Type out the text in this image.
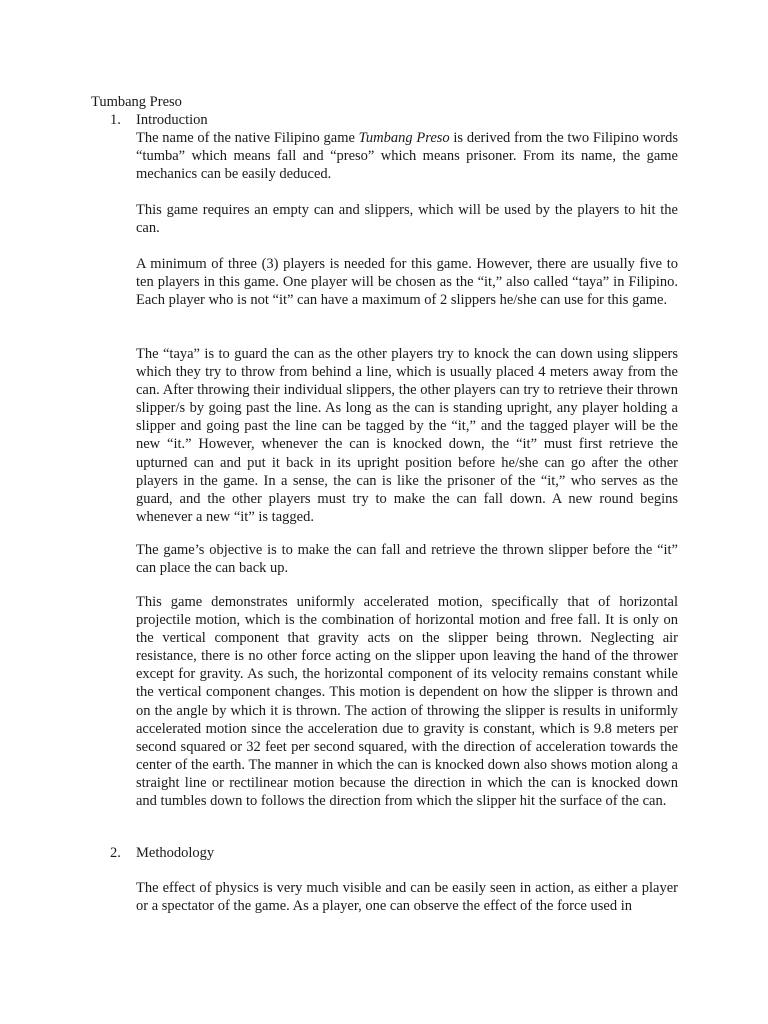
Tumbang Preso
1. Introduction

The name of the native Filipino game Tumbang Preso is derived from the two Filipino words “tumba” which means fall and “preso” which means prisoner. From its name, the game mechanics can be easily deduced.

This game requires an empty can and slippers, which will be used by the players to hit the can.

A minimum of three (3) players is needed for this game. However, there are usually five to ten players in this game. One player will be chosen as the “it,” also called “taya” in Filipino. Each player who is not “it” can have a maximum of 2 slippers he/she can use for this game.

The “taya” is to guard the can as the other players try to knock the can down using slippers which they try to throw from behind a line, which is usually placed 4 meters away from the can. After throwing their individual slippers, the other players can try to retrieve their thrown slipper/s by going past the line. As long as the can is standing upright, any player holding a slipper and going past the line can be tagged by the “it,” and the tagged player will be the new “it.” However, whenever the can is knocked down, the “it” must first retrieve the upturned can and put it back in its upright position before he/she can go after the other players in the game. In a sense, the can is like the prisoner of the “it,” who serves as the guard, and the other players must try to make the can fall down. A new round begins whenever a new “it” is tagged.

The game’s objective is to make the can fall and retrieve the thrown slipper before the “it” can place the can back up.

This game demonstrates uniformly accelerated motion, specifically that of horizontal projectile motion, which is the combination of horizontal motion and free fall. It is only on the vertical component that gravity acts on the slipper being thrown. Neglecting air resistance, there is no other force acting on the slipper upon leaving the hand of the thrower except for gravity. As such, the horizontal component of its velocity remains constant while the vertical component changes. This motion is dependent on how the slipper is thrown and on the angle by which it is thrown. The action of throwing the slipper is results in uniformly accelerated motion since the acceleration due to gravity is constant, which is 9.8 meters per second squared or 32 feet per second squared, with the direction of acceleration towards the center of the earth. The manner in which the can is knocked down also shows motion along a straight line or rectilinear motion because the direction in which the can is knocked down and tumbles down to follows the direction from which the slipper hit the surface of the can.

2. Methodology

The effect of physics is very much visible and can be easily seen in action, as either a player or a spectator of the game. As a player, one can observe the effect of the force used in
